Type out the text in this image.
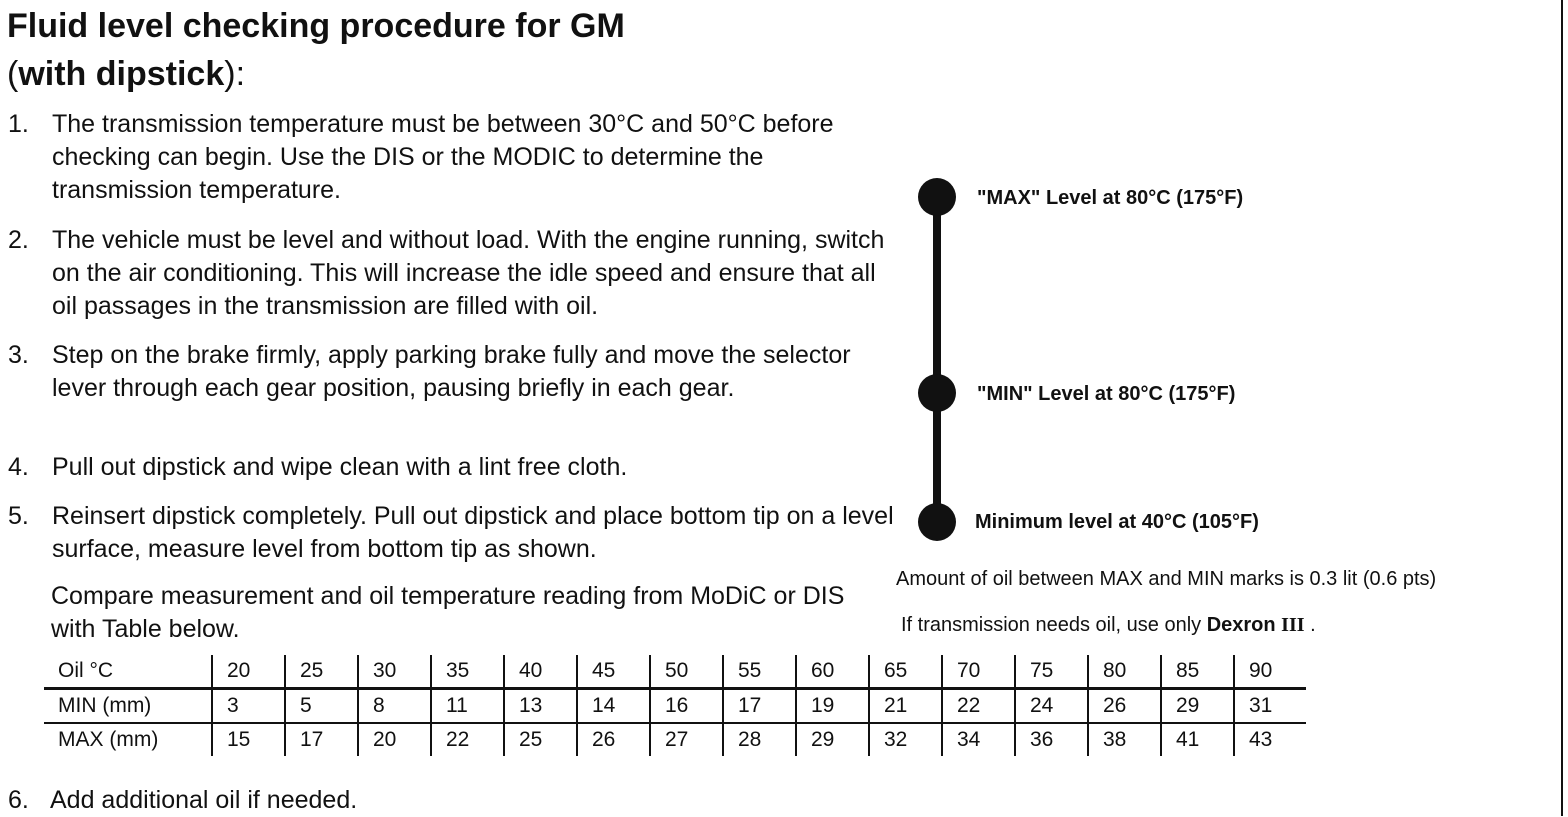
Fluid level checking procedure for GM
(with dipstick):
1. The transmission temperature must be between 30°C and 50°C before checking can begin. Use the DIS or the MODIC to determine the transmission temperature.
2. The vehicle must be level and without load. With the engine running, switch on the air conditioning. This will increase the idle speed and ensure that all oil passages in the transmission are filled with oil.
3. Step on the brake firmly, apply parking brake fully and move the selector lever through each gear position, pausing briefly in each gear.
4. Pull out dipstick and wipe clean with a lint free cloth.
5. Reinsert dipstick completely. Pull out dipstick and place bottom tip on a level surface, measure level from bottom tip as shown.
Compare measurement and oil temperature reading from MoDiC or DIS with Table below.
"MAX" Level at 80°C (175°F)
"MIN" Level at 80°C (175°F)
Minimum level at 40°C (105°F)
Amount of oil between MAX and MIN marks is 0.3 lit (0.6 pts)
If transmission needs oil, use only Dexron III .
Oil °C	20	25	30	35	40	45	50	55	60	65	70	75	80	85	90
MIN (mm)	3	5	8	11	13	14	16	17	19	21	22	24	26	29	31
MAX (mm)	15	17	20	22	25	26	27	28	29	32	34	36	38	41	43
6. Add additional oil if needed.
